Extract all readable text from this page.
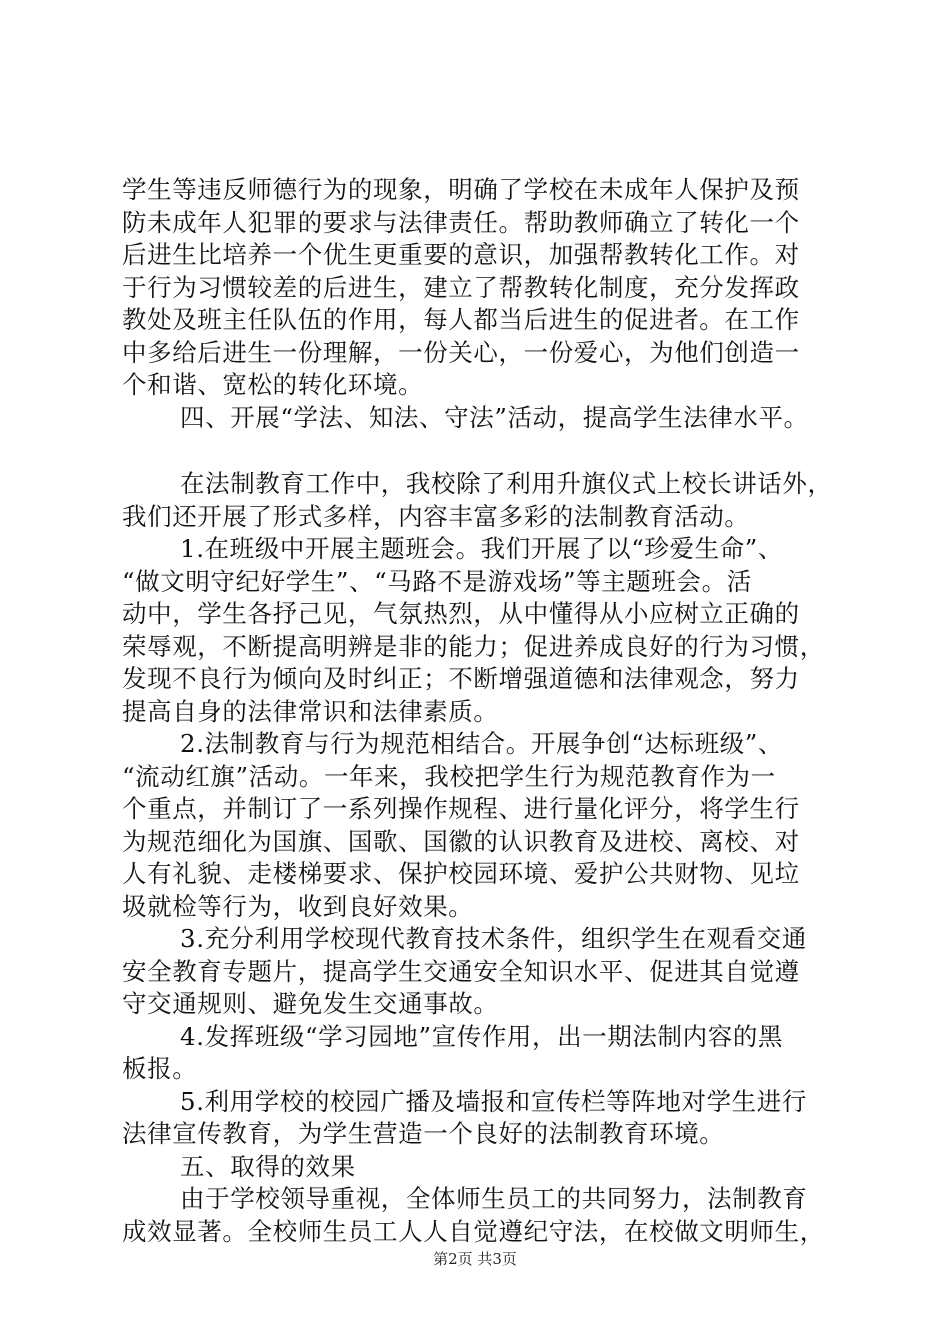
学生等违反师德行为的现象，明确了学校在未成年人保护及预
防未成年人犯罪的要求与法律责任。帮助教师确立了转化一个
后进生比培养一个优生更重要的意识，加强帮教转化工作。对
于行为习惯较差的后进生，建立了帮教转化制度，充分发挥政
教处及班主任队伍的作用，每人都当后进生的促进者。在工作
中多给后进生一份理解，一份关心，一份爱心，为他们创造一
个和谐、宽松的转化环境。
四、开展“学法、知法、守法”活动，提高学生法律水平。
在法制教育工作中，我校除了利用升旗仪式上校长讲话外，
我们还开展了形式多样，内容丰富多彩的法制教育活动。
1.在班级中开展主题班会。我们开展了以“珍爱生命”、
“做文明守纪好学生”、“马路不是游戏场”等主题班会。活
动中，学生各抒己见，气氛热烈，从中懂得从小应树立正确的
荣辱观，不断提高明辨是非的能力；促进养成良好的行为习惯，
发现不良行为倾向及时纠正；不断增强道德和法律观念，努力
提高自身的法律常识和法律素质。
2.法制教育与行为规范相结合。开展争创“达标班级”、
“流动红旗”活动。一年来，我校把学生行为规范教育作为一
个重点，并制订了一系列操作规程、进行量化评分，将学生行
为规范细化为国旗、国歌、国徽的认识教育及进校、离校、对
人有礼貌、走楼梯要求、保护校园环境、爱护公共财物、见垃
圾就检等行为，收到良好效果。
3.充分利用学校现代教育技术条件，组织学生在观看交通
安全教育专题片，提高学生交通安全知识水平、促进其自觉遵
守交通规则、避免发生交通事故。
4.发挥班级“学习园地”宣传作用，出一期法制内容的黑
板报。
5.利用学校的校园广播及墙报和宣传栏等阵地对学生进行
法律宣传教育，为学生营造一个良好的法制教育环境。
五、取得的效果
由于学校领导重视，全体师生员工的共同努力，法制教育
成效显著。全校师生员工人人自觉遵纪守法，在校做文明师生，
第2页 共3页
